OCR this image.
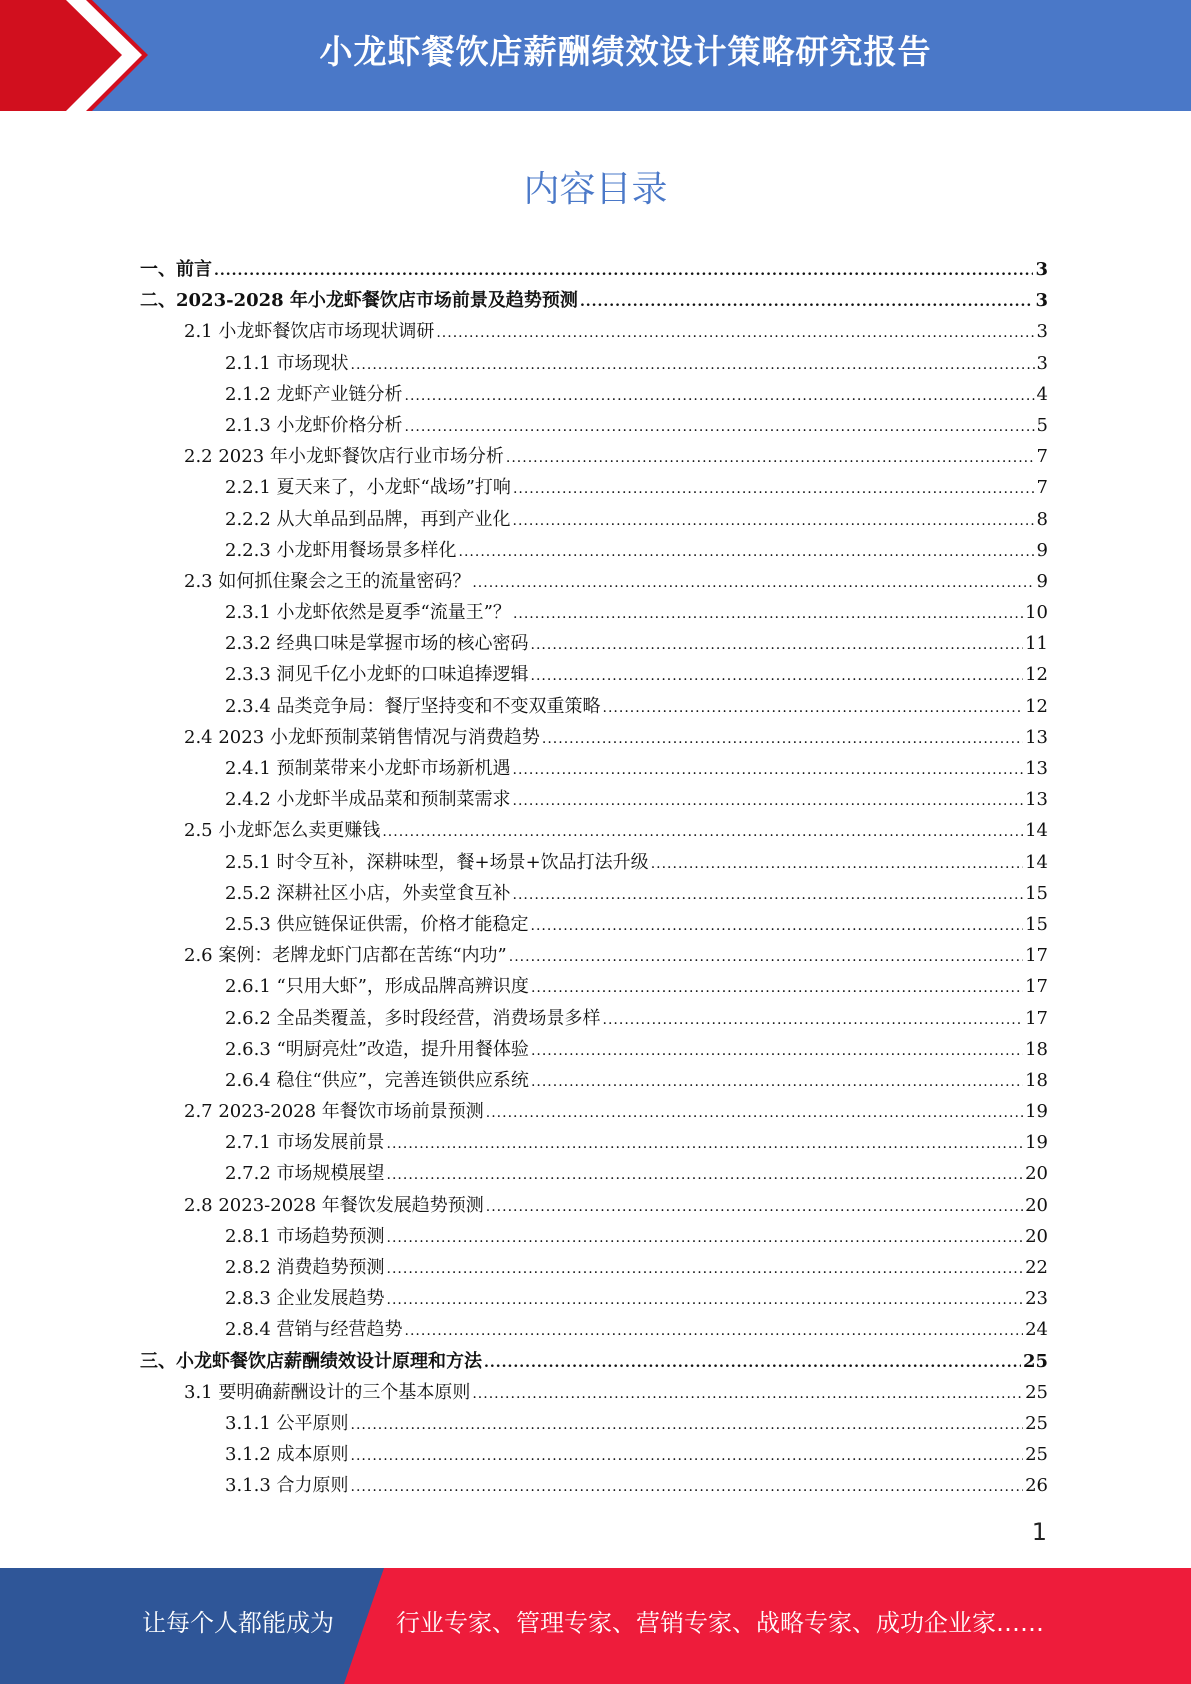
小龙虾餐饮店薪酬绩效设计策略研究报告
内容目录
一、前言 .....	3
二、2023-2028 年小龙虾餐饮店市场前景及趋势预测 .....	3
2.1 小龙虾餐饮店市场现状调研 .....	3
2.1.1 市场现状 .....	3
2.1.2 龙虾产业链分析 .....	4
2.1.3 小龙虾价格分析 .....	5
2.2 2023 年小龙虾餐饮店行业市场分析 .....	7
2.2.1 夏天来了，小龙虾“战场”打响 .....	7
2.2.2 从大单品到品牌，再到产业化 .....	8
2.2.3 小龙虾用餐场景多样化 .....	9
2.3 如何抓住聚会之王的流量密码？ .....	9
2.3.1 小龙虾依然是夏季“流量王”？ .....	10
2.3.2 经典口味是掌握市场的核心密码 .....	11
2.3.3 洞见千亿小龙虾的口味追捧逻辑 .....	12
2.3.4 品类竞争局：餐厅坚持变和不变双重策略 .....	12
2.4 2023 小龙虾预制菜销售情况与消费趋势 .....	13
2.4.1 预制菜带来小龙虾市场新机遇 .....	13
2.4.2 小龙虾半成品菜和预制菜需求 .....	13
2.5 小龙虾怎么卖更赚钱 .....	14
2.5.1 时令互补，深耕味型，餐+场景+饮品打法升级 .....	14
2.5.2 深耕社区小店，外卖堂食互补 .....	15
2.5.3 供应链保证供需，价格才能稳定 .....	15
2.6 案例：老牌龙虾门店都在苦练“内功” .....	17
2.6.1 “只用大虾”，形成品牌高辨识度 .....	17
2.6.2 全品类覆盖，多时段经营，消费场景多样 .....	17
2.6.3 “明厨亮灶”改造，提升用餐体验 .....	18
2.6.4 稳住“供应”，完善连锁供应系统 .....	18
2.7 2023-2028 年餐饮市场前景预测 .....	19
2.7.1 市场发展前景 .....	19
2.7.2 市场规模展望 .....	20
2.8 2023-2028 年餐饮发展趋势预测 .....	20
2.8.1 市场趋势预测 .....	20
2.8.2 消费趋势预测 .....	22
2.8.3 企业发展趋势 .....	23
2.8.4 营销与经营趋势 .....	24
三、小龙虾餐饮店薪酬绩效设计原理和方法 .....	25
3.1 要明确薪酬设计的三个基本原则 .....	25
3.1.1 公平原则 .....	25
3.1.2 成本原则 .....	25
3.1.3 合力原则 .....	26
1
让每个人都能成为	行业专家、管理专家、营销专家、战略专家、成功企业家……
